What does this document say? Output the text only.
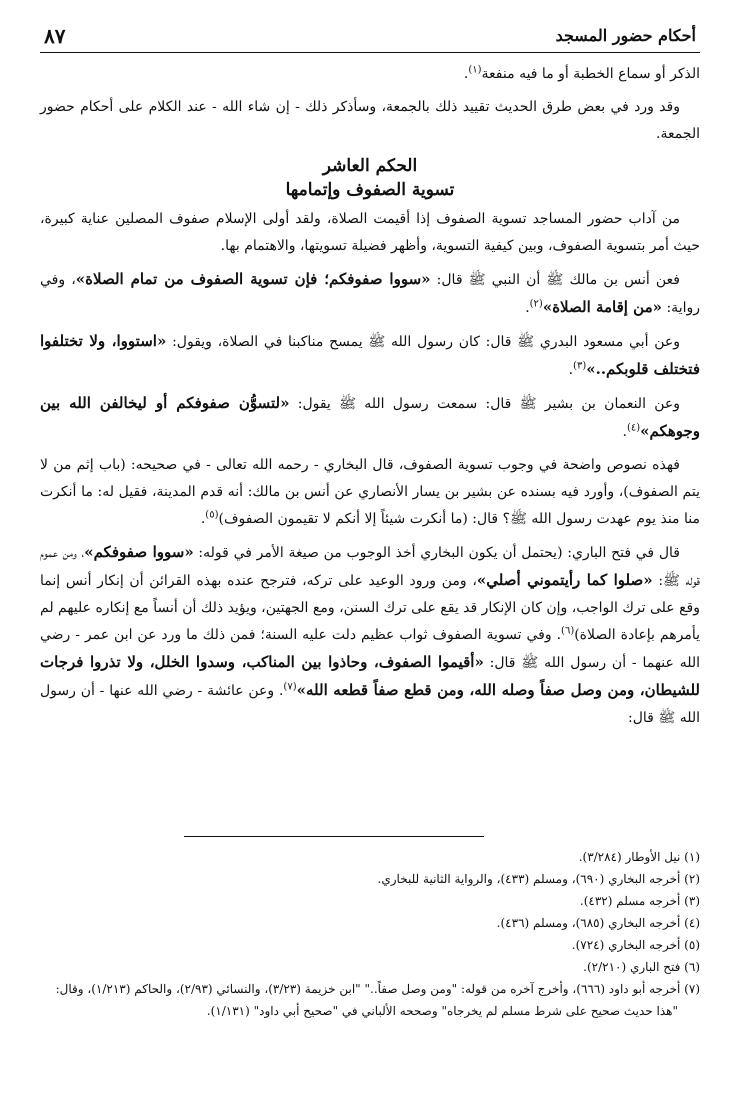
أحكام حضور المسجد
٨٧

الذكر أو سماع الخطبة أو ما فيه منفعة$^{(١)}$.

وقد ورد في بعض طرق الحديث تقييد ذلك بالجمعة، وسأذكر ذلك - إن شاء الله - عند الكلام على أحكام حضور الجمعة.

الحكم العاشر
تسوية الصفوف وإتمامها

من آداب حضور المساجد تسوية الصفوف إذا أقيمت الصلاة، ولقد أولى الإسلام صفوف المصلين عناية كبيرة، حيث أمر بتسوية الصفوف، وبين كيفية التسوية، وأظهر فضيلة تسويتها، والاهتمام بها.

فعن أنس بن مالك ﷺ أن النبي ﷺ قال: «سووا صفوفكم؛ فإن تسوية الصفوف من تمام الصلاة»، وفي رواية: «من إقامة الصلاة»$^{(٢)}$.

وعن أبي مسعود البدري ﷺ قال: كان رسول الله ﷺ يمسح مناكبنا في الصلاة، ويقول: «استووا، ولا تختلفوا فتختلف قلوبكم..»$^{(٣)}$.

وعن النعمان بن بشير ﷺ قال: سمعت رسول الله ﷺ يقول: «لتسوُّن صفوفكم أو ليخالفن الله بين وجوهكم»$^{(٤)}$.

فهذه نصوص واضحة في وجوب تسوية الصفوف، قال البخاري - رحمه الله تعالى - في صحيحه: (باب إثم من لا يتم الصفوف)، وأورد فيه بسنده عن بشير بن يسار الأنصاري عن أنس بن مالك: أنه قدم المدينة، فقيل له: ما أنكرت منا منذ يوم عهدت رسول الله ﷺ؟ قال: (ما أنكرت شيئاً إلا أنكم لا تقيمون الصفوف)$^{(٥)}$.

قال في فتح الباري: (يحتمل أن يكون البخاري أخذ الوجوب من صيغة الأمر في قوله: «سووا صفوفكم»، ومن عموم قوله ﷺ: «صلوا كما رأيتموني أصلي»، ومن ورود الوعيد على تركه، فترجح عنده بهذه القرائن أن إنكار أنس إنما وقع على ترك الواجب، وإن كان الإنكار قد يقع على ترك السنن، ومع الجهتين، ويؤيد ذلك أن أنساً مع إنكاره عليهم لم يأمرهم بإعادة الصلاة)$^{(٦)}$. وفي تسوية الصفوف ثواب عظيم دلت عليه السنة؛ فمن ذلك ما ورد عن ابن عمر - رضي الله عنهما - أن رسول الله ﷺ قال: «أقيموا الصفوف، وحاذوا بين المناكب، وسدوا الخلل، ولا تذروا فرجات للشيطان، ومن وصل صفاً وصله الله، ومن قطع صفاً قطعه الله»$^{(٧)}$. وعن عائشة - رضي الله عنها - أن رسول الله ﷺ قال:

(١) نيل الأوطار (٣/٢٨٤).
(٢) أخرجه البخاري (٦٩٠)، ومسلم (٤٣٣)، والرواية الثانية للبخاري.
(٣) أخرجه مسلم (٤٣٢).
(٤) أخرجه البخاري (٦٨٥)، ومسلم (٤٣٦).
(٥) أخرجه البخاري (٧٢٤).
(٦) فتح الباري (٢/٢١٠).
(٧) أخرجه أبو داود (٦٦٦)، وأخرج آخره من قوله: "ومن وصل صفاً.." "ابن خزيمة (٣/٢٣)، والنسائي (٢/٩٣)، والحاكم (١/٢١٣)، وقال: "هذا حديث صحيح على شرط مسلم لم يخرجاه" وصححه الألباني في "صحيح أبي داود" (١/١٣١).
